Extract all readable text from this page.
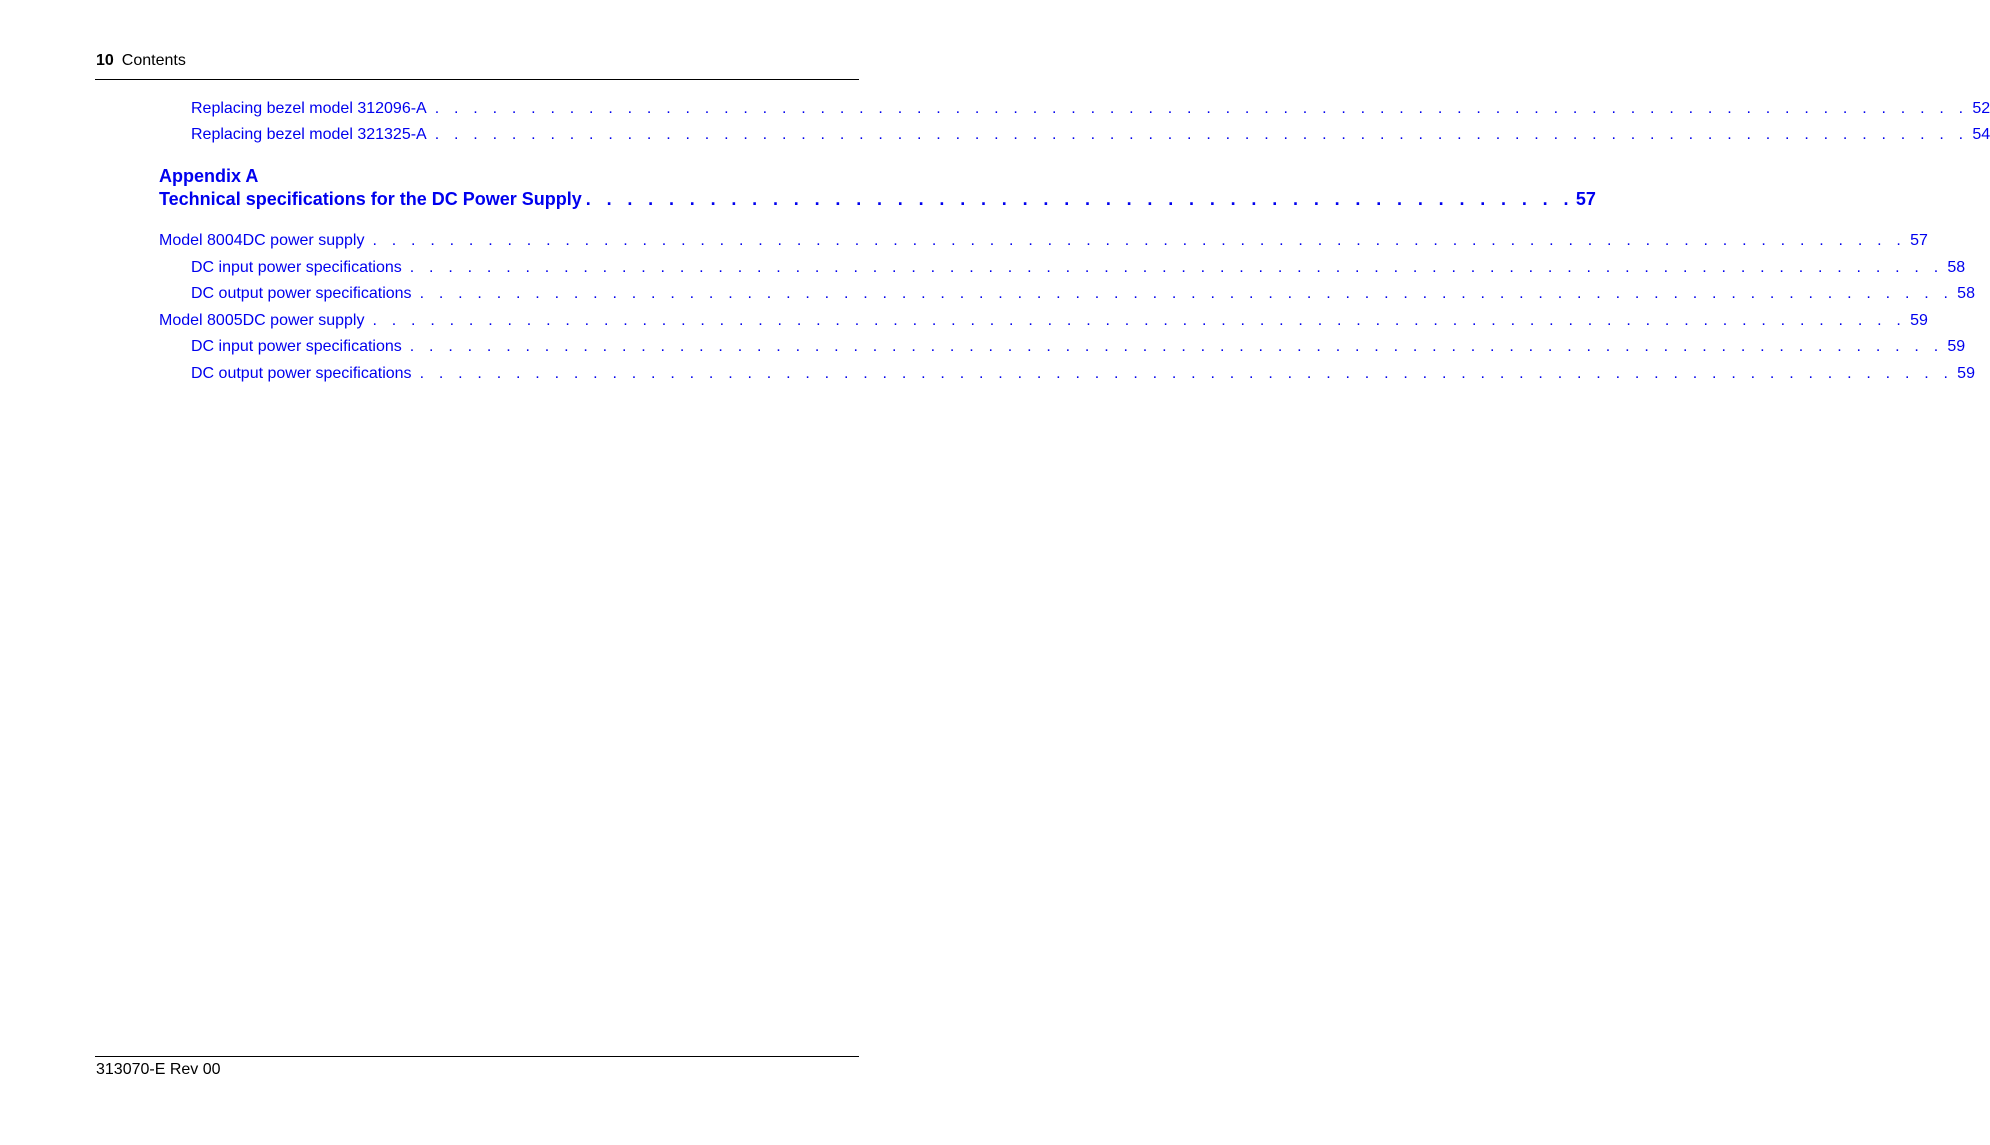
10 Contents
Replacing bezel model 312096-A . . . . . . . . . . . . . . . . . . . . . . . . . . . . . . . . . . . . . . . . . . . . . . . . . . . . . . . . . . . . . . . . . . . . . . . . . . . . . . . . 52
Replacing bezel model 321325-A . . . . . . . . . . . . . . . . . . . . . . . . . . . . . . . . . . . . . . . . . . . . . . . . . . . . . . . . . . . . . . . . . . . . . . . . . . . . . . . . 54
Appendix A
Technical specifications for the DC Power Supply . . . . . . . . . . . . . . . . . . . . . . . . . . . . . . . . . . . . . . . . . . . . . . . . 57
Model 8004DC power supply . . . . . . . . . . . . . . . . . . . . . . . . . . . . . . . . . . . . . . . . . . . . . . . . . . . . . . . . . . . . . . . . . . . . . . . . . . . . . . . . 57
DC input power specifications . . . . . . . . . . . . . . . . . . . . . . . . . . . . . . . . . . . . . . . . . . . . . . . . . . . . . . . . . . . . . . . . . . . . . . . . . . . . . . . . 58
DC output power specifications . . . . . . . . . . . . . . . . . . . . . . . . . . . . . . . . . . . . . . . . . . . . . . . . . . . . . . . . . . . . . . . . . . . . . . . . . . . . . . . . 58
Model 8005DC power supply . . . . . . . . . . . . . . . . . . . . . . . . . . . . . . . . . . . . . . . . . . . . . . . . . . . . . . . . . . . . . . . . . . . . . . . . . . . . . . . . 59
DC input power specifications . . . . . . . . . . . . . . . . . . . . . . . . . . . . . . . . . . . . . . . . . . . . . . . . . . . . . . . . . . . . . . . . . . . . . . . . . . . . . . . . 59
DC output power specifications . . . . . . . . . . . . . . . . . . . . . . . . . . . . . . . . . . . . . . . . . . . . . . . . . . . . . . . . . . . . . . . . . . . . . . . . . . . . . . . . 59
313070-E Rev 00
